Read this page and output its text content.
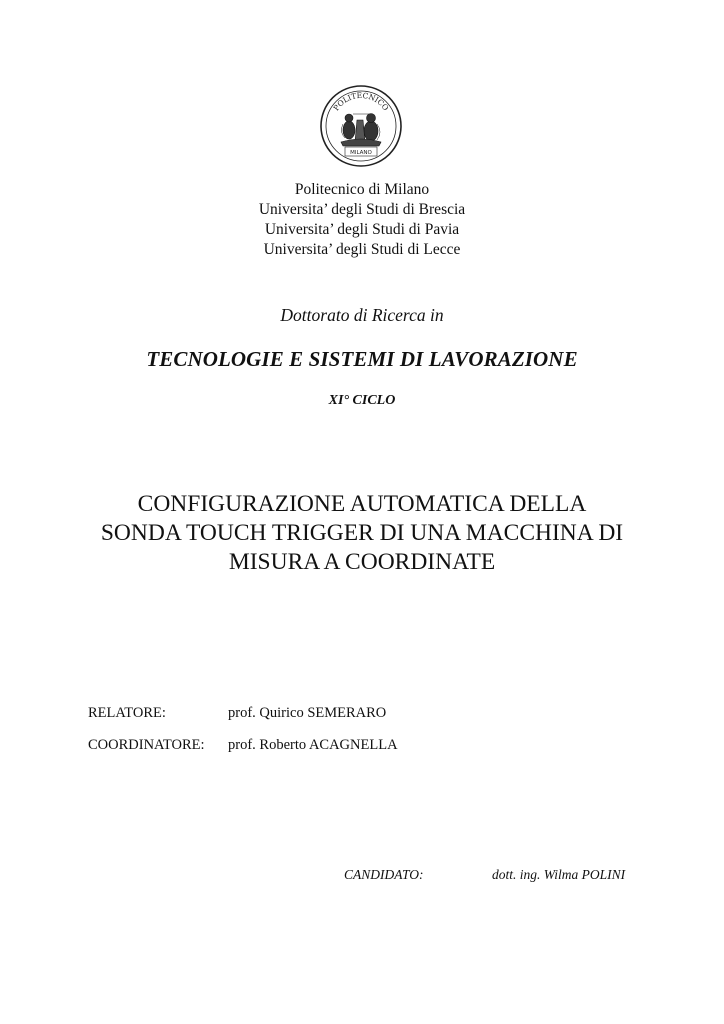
POLITECNICO
MILANO
Politecnico di Milano
Universita’ degli Studi di Brescia
Universita’ degli Studi di Pavia
Universita’ degli Studi di Lecce
Dottorato di Ricerca in
TECNOLOGIE E SISTEMI DI LAVORAZIONE
XI° CICLO
CONFIGURAZIONE AUTOMATICA DELLA
SONDA TOUCH TRIGGER DI UNA MACCHINA DI
MISURA A COORDINATE
RELATORE:	prof. Quirico SEMERARO
COORDINATORE: prof. Roberto ACAGNELLA
CANDIDATO:	dott. ing. Wilma POLINI
